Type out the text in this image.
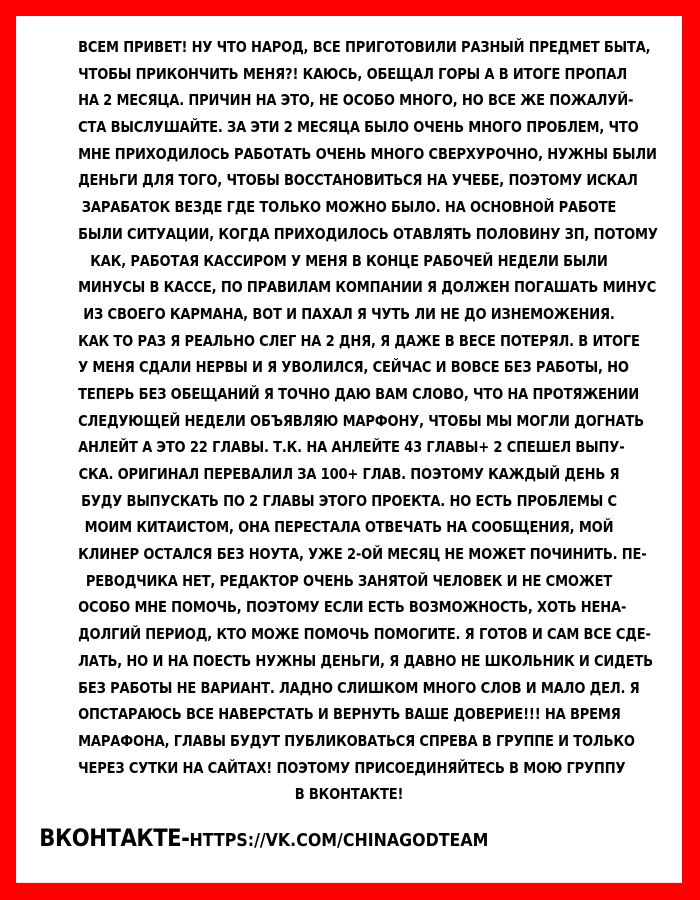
ВСЕМ ПРИВЕТ! НУ ЧТО НАРОД, ВСЕ ПРИГОТОВИЛИ РАЗНЫЙ ПРЕДМЕТ БЫТА,
ЧТОБЫ ПРИКОНЧИТЬ МЕНЯ?! КАЮСЬ, ОБЕЩАЛ ГОРЫ А В ИТОГЕ ПРОПАЛ
НА 2 МЕСЯЦА. ПРИЧИН НА ЭТО, НЕ ОСОБО МНОГО, НО ВСЕ ЖЕ ПОЖАЛУЙ-
СТА ВЫСЛУШАЙТЕ. ЗА ЭТИ 2 МЕСЯЦА БЫЛО ОЧЕНЬ МНОГО ПРОБЛЕМ, ЧТО
МНЕ ПРИХОДИЛОСЬ РАБОТАТЬ ОЧЕНЬ МНОГО СВЕРХУРОЧНО, НУЖНЫ БЫЛИ
ДЕНЬГИ ДЛЯ ТОГО, ЧТОБЫ ВОССТАНОВИТЬСЯ НА УЧЕБЕ, ПОЭТОМУ ИСКАЛ
ЗАРАБАТОК ВЕЗДЕ ГДЕ ТОЛЬКО МОЖНО БЫЛО. НА ОСНОВНОЙ РАБОТЕ
БЫЛИ СИТУАЦИИ, КОГДА ПРИХОДИЛОСЬ ОТАВЛЯТЬ ПОЛОВИНУ ЗП, ПОТОМУ
КАК, РАБОТАЯ КАССИРОМ У МЕНЯ В КОНЦЕ РАБОЧЕЙ НЕДЕЛИ БЫЛИ
МИНУСЫ В КАССЕ, ПО ПРАВИЛАМ КОМПАНИИ Я ДОЛЖЕН ПОГАШАТЬ МИНУС
ИЗ СВОЕГО КАРМАНА, ВОТ И ПАХАЛ Я ЧУТЬ ЛИ НЕ ДО ИЗНЕМОЖЕНИЯ.
КАК ТО РАЗ Я РЕАЛЬНО СЛЕГ НА 2 ДНЯ, Я ДАЖЕ В ВЕСЕ ПОТЕРЯЛ. В ИТОГЕ
У МЕНЯ СДАЛИ НЕРВЫ И Я УВОЛИЛСЯ, СЕЙЧАС И ВОВСЕ БЕЗ РАБОТЫ, НО
ТЕПЕРЬ БЕЗ ОБЕЩАНИЙ Я ТОЧНО ДАЮ ВАМ СЛОВО, ЧТО НА ПРОТЯЖЕНИИ
СЛЕДУЮЩЕЙ НЕДЕЛИ ОБЪЯВЛЯЮ МАРФОНУ, ЧТОБЫ МЫ МОГЛИ ДОГНАТЬ
АНЛЕЙТ А ЭТО 22 ГЛАВЫ. Т.К. НА АНЛЕЙТЕ 43 ГЛАВЫ+ 2 СПЕШЕЛ ВЫПУ-
СКА. ОРИГИНАЛ ПЕРЕВАЛИЛ ЗА 100+ ГЛАВ. ПОЭТОМУ КАЖДЫЙ ДЕНЬ Я
БУДУ ВЫПУСКАТЬ ПО 2 ГЛАВЫ ЭТОГО ПРОЕКТА. НО ЕСТЬ ПРОБЛЕМЫ С
МОИМ КИТАИСТОМ, ОНА ПЕРЕСТАЛА ОТВЕЧАТЬ НА СООБЩЕНИЯ, МОЙ
КЛИНЕР ОСТАЛСЯ БЕЗ НОУТА, УЖЕ 2-ОЙ МЕСЯЦ НЕ МОЖЕТ ПОЧИНИТЬ. ПЕ-
РЕВОДЧИКА НЕТ, РЕДАКТОР ОЧЕНЬ ЗАНЯТОЙ ЧЕЛОВЕК И НЕ СМОЖЕТ
ОСОБО МНЕ ПОМОЧЬ, ПОЭТОМУ ЕСЛИ ЕСТЬ ВОЗМОЖНОСТЬ, ХОТЬ НЕНА-
ДОЛГИЙ ПЕРИОД, КТО МОЖЕ ПОМОЧЬ ПОМОГИТЕ. Я ГОТОВ И САМ ВСЕ СДЕ-
ЛАТЬ, НО И НА ПОЕСТЬ НУЖНЫ ДЕНЬГИ, Я ДАВНО НЕ ШКОЛЬНИК И СИДЕТЬ
БЕЗ РАБОТЫ НЕ ВАРИАНТ. ЛАДНО СЛИШКОМ МНОГО СЛОВ И МАЛО ДЕЛ. Я
ОПСТАРАЮСЬ ВСЕ НАВЕРСТАТЬ И ВЕРНУТЬ ВАШЕ ДОВЕРИЕ!!! НА ВРЕМЯ
МАРАФОНА, ГЛАВЫ БУДУТ ПУБЛИКОВАТЬСЯ СПРЕВА В ГРУППЕ И ТОЛЬКО
ЧЕРЕЗ СУТКИ НА САЙТАХ! ПОЭТОМУ ПРИСОЕДИНЯЙТЕСЬ В МОЮ ГРУППУ
В ВКОНТАКТЕ!
ВКОНТАКТЕ-HTTPS://VK.COM/CHINAGODTEAM
